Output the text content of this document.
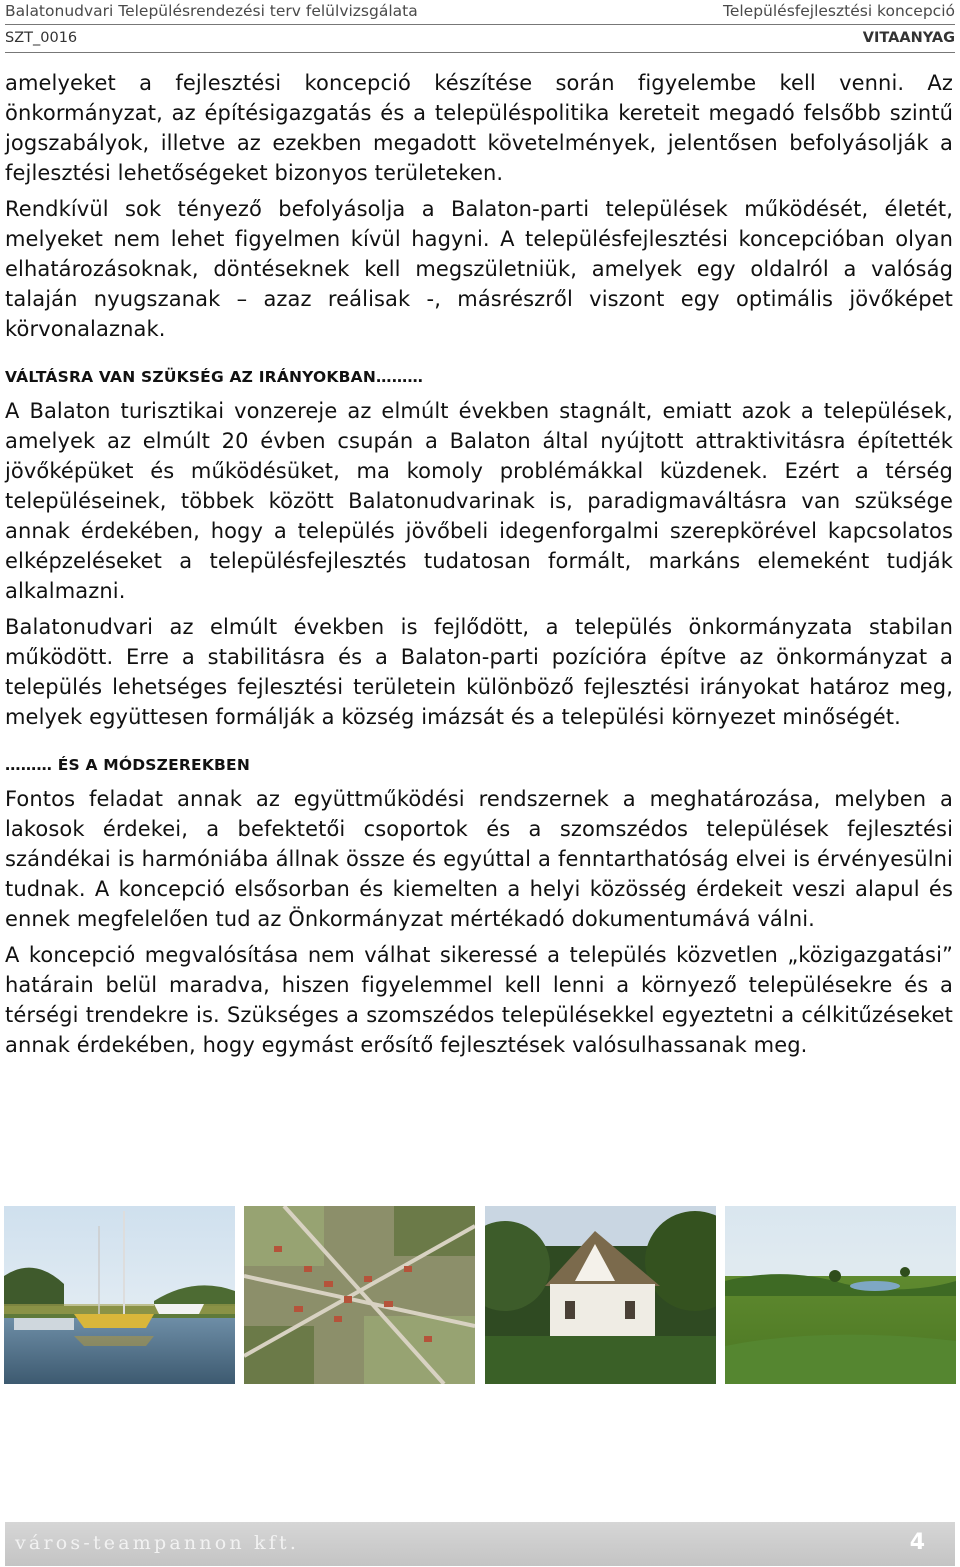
Balatonudvari Településrendezési terv felülvizsgálata	Településfejlesztési koncepció
SZT_0016	VITAANYAG

amelyeket a fejlesztési koncepció készítése során figyelembe kell venni. Az önkormányzat, az építésigazgatás és a településpolitika kereteit megadó felsőbb szintű jogszabályok, illetve az ezekben megadott követelmények, jelentősen befolyásolják a fejlesztési lehetőségeket bizonyos területeken.

Rendkívül sok tényező befolyásolja a Balaton-parti települések működését, életét, melyeket nem lehet figyelmen kívül hagyni. A településfejlesztési koncepcióban olyan elhatározásoknak, döntéseknek kell megszületniük, amelyek egy oldalról a valóság talaján nyugszanak – azaz reálisak -, másrészről viszont egy optimális jövőképet körvonalaznak.

VÁLTÁSRA VAN SZÜKSÉG AZ IRÁNYOKBAN………

A Balaton turisztikai vonzereje az elmúlt években stagnált, emiatt azok a települések, amelyek az elmúlt 20 évben csupán a Balaton által nyújtott attraktivitásra építették jövőképüket és működésüket, ma komoly problémákkal küzdenek. Ezért a térség településeinek, többek között Balatonudvarinak is, paradigmaváltásra van szüksége annak érdekében, hogy a település jövőbeli idegenforgalmi szerepkörével kapcsolatos elképzeléseket a településfejlesztés tudatosan formált, markáns elemeként tudják alkalmazni.

Balatonudvari az elmúlt években is fejlődött, a település önkormányzata stabilan működött. Erre a stabilitásra és a Balaton-parti pozícióra építve az önkormányzat a település lehetséges fejlesztési területein különböző fejlesztési irányokat határoz meg, melyek együttesen formálják a község imázsát és a települési környezet minőségét.

……… ÉS A MÓDSZEREKBEN

Fontos feladat annak az együttműködési rendszernek a meghatározása, melyben a lakosok érdekei, a befektetői csoportok és a szomszédos települések fejlesztési szándékai is harmóniába állnak össze és egyúttal a fenntarthatóság elvei is érvényesülni tudnak. A koncepció elsősorban és kiemelten a helyi közösség érdekeit veszi alapul és ennek megfelelően tud az Önkormányzat mértékadó dokumentumává válni.

A koncepció megvalósítása nem válhat sikeressé a település közvetlen „közigazgatási” határain belül maradva, hiszen figyelemmel kell lenni a környező településekre és a térségi trendekre is. Szükséges a szomszédos településekkel egyeztetni a célkitűzéseket annak érdekében, hogy egymást erősítő fejlesztések valósulhassanak meg.

város-teampannon kft.	4
